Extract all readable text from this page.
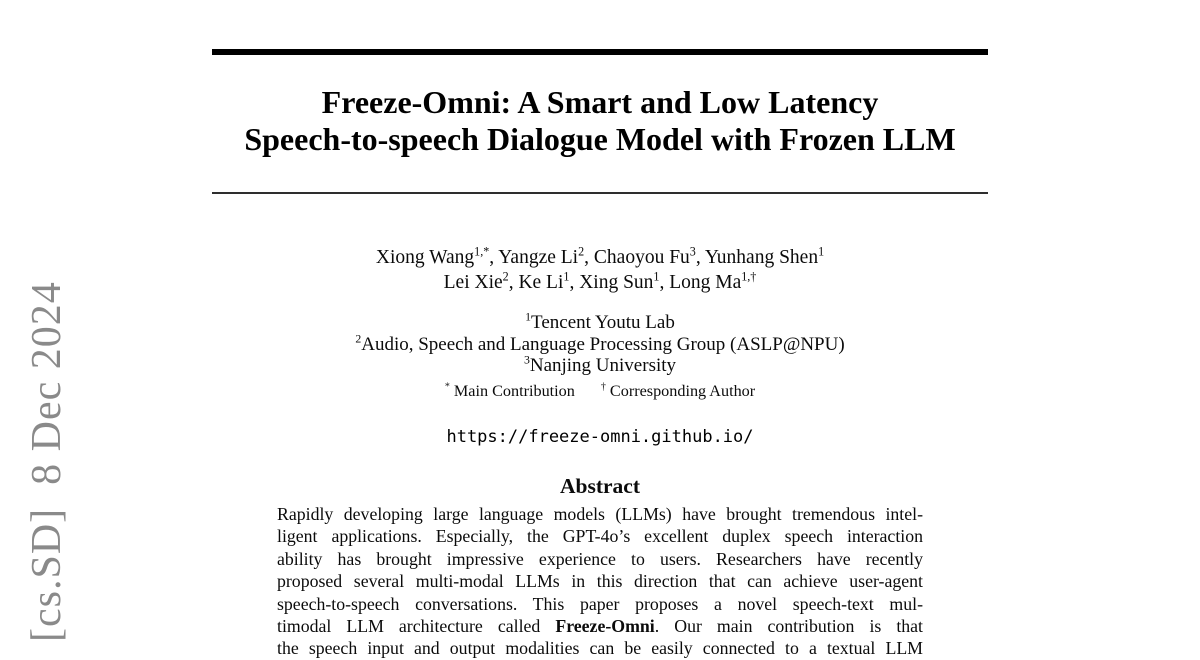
[cs.SD]  8 Dec 2024
Freeze-Omni: A Smart and Low Latency
Speech-to-speech Dialogue Model with Frozen LLM
Xiong Wang$^{1,*}$, Yangze Li$^2$, Chaoyou Fu$^3$, Yunhang Shen$^1$
Lei Xie$^2$, Ke Li$^1$, Xing Sun$^1$, Long $Ma^{1,\dagger}$
$^1$Tencent Youtu Lab
$^2$Audio, Speech and Language Processing Group (ASLP@NPU)
$^3$Nanjing University
* Main Contribution	† Corresponding Author
https://freeze-omni.github.io/
Abstract
Rapidly developing large language models (LLMs) have brought tremendous intel-
ligent applications. Especially, the GPT-4o’s excellent duplex speech interaction
ability has brought impressive experience to users. Researchers have recently
proposed several multi-modal LLMs in this direction that can achieve user-agent
speech-to-speech conversations. This paper proposes a novel speech-text mul-
timodal LLM architecture called Freeze-Omni. Our main contribution is that
the speech input and output modalities can be easily connected to a textual LLM
